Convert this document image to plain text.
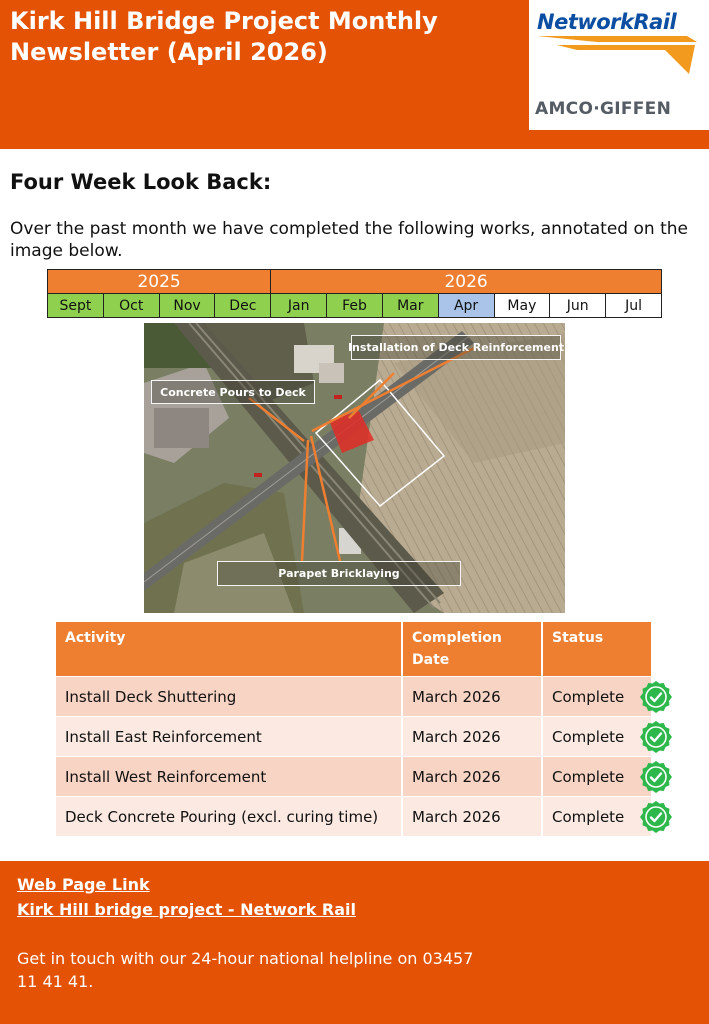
Kirk Hill Bridge Project Monthly Newsletter (April 2026)
NetworkRail
AMCO·GIFFEN
Four Week Look Back:
Over the past month we have completed the following works, annotated on the image below.
2025				2026						
Sept	Oct	Nov	Dec	Jan	Feb	Mar	Apr	May	Jun	Jul
Installation of Deck Reinforcement
Concrete Pours to Deck
Parapet Bricklaying
Activity	Completion Date	Status
Install Deck Shuttering	March 2026	Complete

Install East Reinforcement	March 2026	Complete

Install West Reinforcement	March 2026	Complete

Deck Concrete Pouring (excl. curing time)	March 2026	Complete
Web Page Link
Kirk Hill bridge project - Network Rail
Get in touch with our 24-hour national helpline on 03457 11 41 41.
